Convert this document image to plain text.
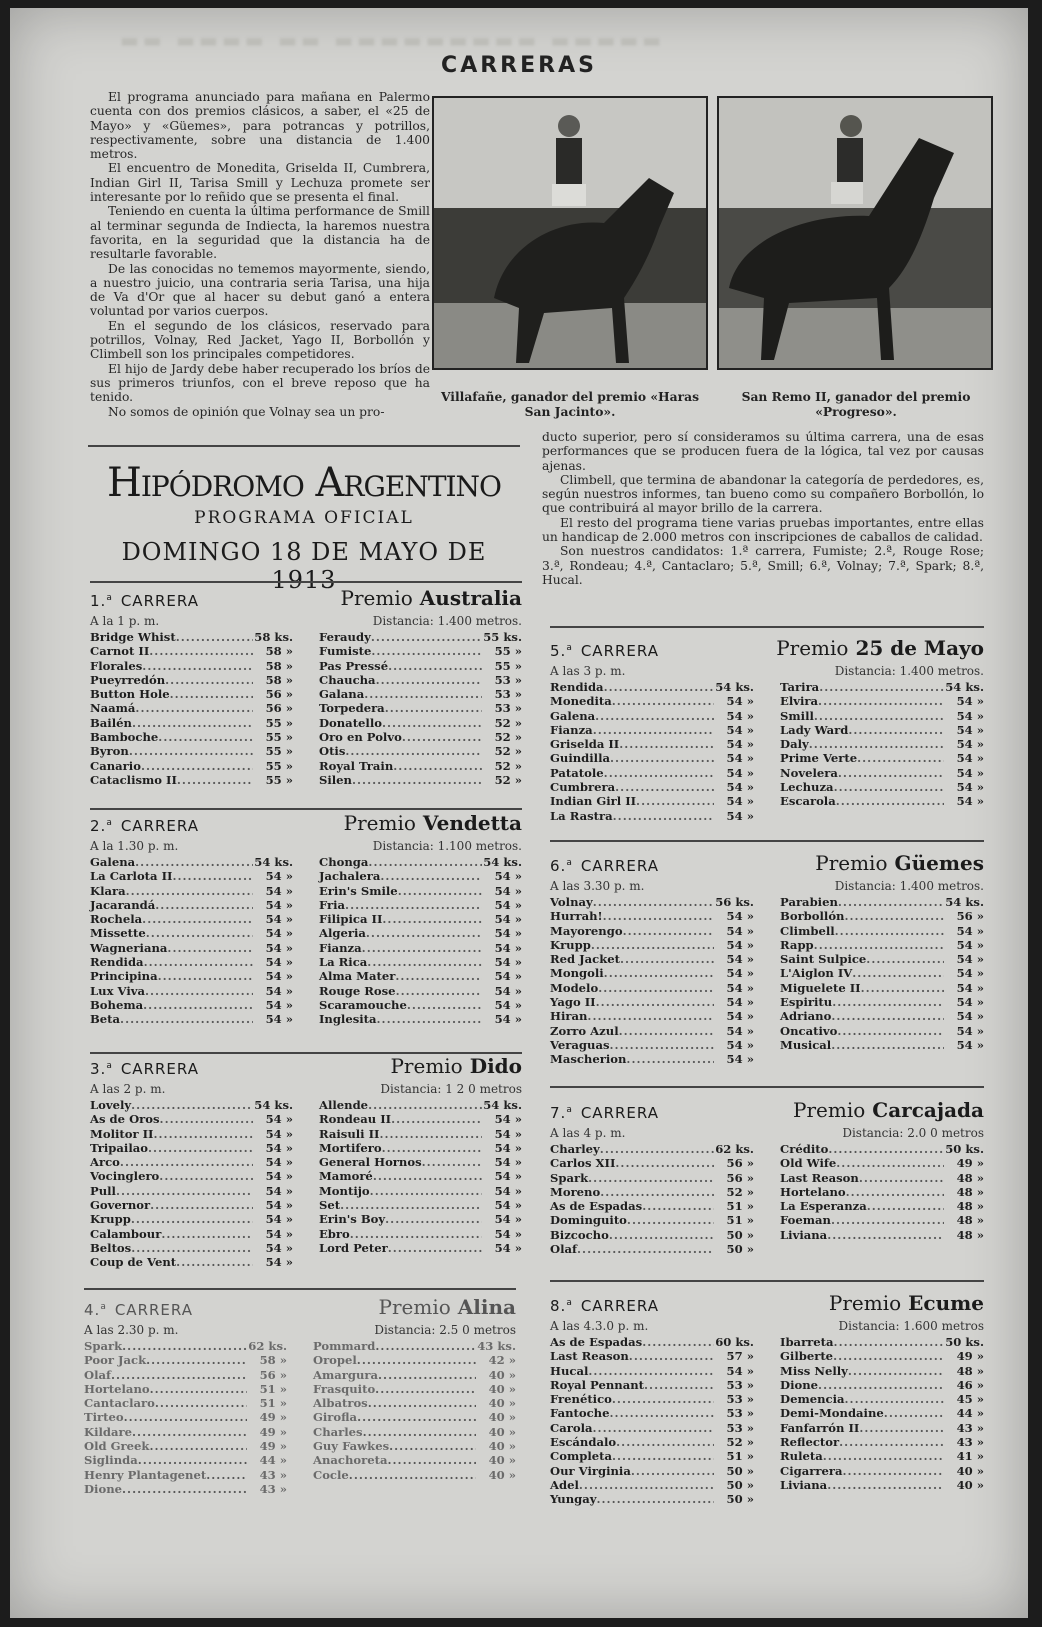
▬▬ ▬▬▬▬ ▬▬ ▬▬▬▬▬▬▬▬▬ ▬▬▬▬▬
CARRERAS

El programa anunciado para mañana en Palermo cuenta con dos premios clásicos, a saber, el «25 de Mayo» y «Güemes», para potrancas y potrillos, respectivamente, sobre una distancia de 1.400 metros.

El encuentro de Monedita, Griselda II, Cumbrera, Indian Girl II, Tarisa Smill y Lechuza promete ser interesante por lo reñido que se presenta el final.

Teniendo en cuenta la última performance de Smill al terminar segunda de Indiecta, la haremos nuestra favorita, en la seguridad que la distancia ha de resultarle favorable.

De las conocidas no tememos mayormente, siendo, a nuestro juicio, una contraria seria Tarisa, una hija de Va d'Or que al hacer su debut ganó a entera voluntad por varios cuerpos.

En el segundo de los clásicos, reservado para potrillos, Volnay, Red Jacket, Yago II, Borbollón y Climbell son los principales competidores.

El hijo de Jardy debe haber recuperado los bríos de sus primeros triunfos, con el breve reposo que ha tenido.

No somos de opinión que Volnay sea un pro-

Villafañe, ganador del premio «Haras San Jacinto».
San Remo II, ganador del premio «Progreso».
Hipódromo Argentino
PROGRAMA OFICIAL
DOMINGO 18 DE MAYO DE 1913

ducto superior, pero sí consideramos su última carrera, una de esas performances que se producen fuera de la lógica, tal vez por causas ajenas.

Climbell, que termina de abandonar la categoría de perdedores, es, según nuestros informes, tan bueno como su compañero Borbollón, lo que contribuirá al mayor brillo de la carrera.

El resto del programa tiene varias pruebas importantes, entre ellas un handicap de 2.000 metros con inscripciones de caballos de calidad.

Son nuestros candidatos: 1.ª carrera, Fumiste; 2.ª, Rouge Rose; 3.ª, Rondeau; 4.ª, Cantaclaro; 5.ª, Smill; 6.ª, Volnay; 7.ª, Spark; 8.ª, Hucal.

1.$^a$ CARRERA	Premio Australia
A la 1 p. m.	Distancia: 1.400 metros.
Bridge Whist .....	58 ks.
Carnot II .....	58 »
Florales .....	58 »
Pueyrredón .....	58 »
Button Hole .....	56 »
Naamá .....	56 »
Bailén .....	55 »
Bamboche .....	55 »
Byron .....	55 »
Canario .....	55 »
Cataclismo II .....	55 »
Feraudy .....	55 ks.
Fumiste .....	55 »
Pas Pressé .....	55 »
Chaucha .....	53 »
Galana .....	53 »
Torpedera .....	53 »
Donatello .....	52 »
Oro en Polvo .....	52 »
Otis .....	52 »
Royal Train .....	52 »
Silen .....	52 »
2.$^a$ CARRERA	Premio Vendetta
A la 1.30 p. m.	Distancia: 1.100 metros.
Galena .....	54 ks.
La Carlota II .....	54 »
Klara .....	54 »
Jacarandá .....	54 »
Rochela .....	54 »
Missette .....	54 »
Wagneriana .....	54 »
Rendida .....	54 »
Principina .....	54 »
Lux Viva .....	54 »
Bohema .....	54 »
Beta .....	54 »
Chonga .....	54 ks.
Jachalera .....	54 »
Erin's Smile .....	54 »
Fria .....	54 »
Filipica II .....	54 »
Algeria .....	54 »
Fianza .....	54 »
La Rica .....	54 »
Alma Mater .....	54 »
Rouge Rose .....	54 »
Scaramouche .....	54 »
Inglesita .....	54 »
3.$^a$ CARRERA	Premio Dido
A las 2 p. m.	Distancia: 1 2 0 metros
Lovely .....	54 ks.
As de Oros .....	54 »
Molitor II .....	54 »
Tripailao .....	54 »
Arco .....	54 »
Vocinglero .....	54 »
Pull .....	54 »
Governor .....	54 »
Krupp .....	54 »
Calambour .....	54 »
Beltos .....	54 »
Coup de Vent .....	54 »
Allende .....	54 ks.
Rondeau II .....	54 »
Raisuli II .....	54 »
Mortifero .....	54 »
General Hornos .....	54 »
Mamoré .....	54 »
Montijo .....	54 »
Set .....	54 »
Erin's Boy .....	54 »
Ebro .....	54 »
Lord Peter .....	54 »
4.$^a$ CARRERA	Premio Alina
A las 2.30 p. m.	Distancia: 2.5 0 metros
Spark .....	62 ks.
Poor Jack .....	58 »
Olaf .....	56 »
Hortelano .....	51 »
Cantaclaro .....	51 »
Tirteo .....	49 »
Kildare .....	49 »
Old Greek .....	49 »
Siglinda .....	44 »
Henry Plantagenet .....	43 »
Dione .....	43 »
Pommard .....	43 ks.
Oropel .....	42 »
Amargura .....	40 »
Frasquito .....	40 »
Albatros .....	40 »
Girofla .....	40 »
Charles .....	40 »
Guy Fawkes .....	40 »
Anachoreta .....	40 »
Cocle .....	40 »
5.$^a$ CARRERA	Premio 25 de Mayo
A las 3 p. m.	Distancia: 1.400 metros.
Rendida .....	54 ks.
Monedita .....	54 »
Galena .....	54 »
Fianza .....	54 »
Griselda II .....	54 »
Guindilla .....	54 »
Patatole .....	54 »
Cumbrera .....	54 »
Indian Girl II .....	54 »
La Rastra .....	54 »
Tarira .....	54 ks.
Elvira .....	54 »
Smill .....	54 »
Lady Ward .....	54 »
Daly .....	54 »
Prime Verte .....	54 »
Novelera .....	54 »
Lechuza .....	54 »
Escarola .....	54 »
6.$^a$ CARRERA	Premio Güemes
A las 3.30 p. m.	Distancia: 1.400 metros.
Volnay .....	56 ks.
Hurrah! .....	54 »
Mayorengo .....	54 »
Krupp .....	54 »
Red Jacket .....	54 »
Mongoli .....	54 »
Modelo .....	54 »
Yago II .....	54 »
Hiran .....	54 »
Zorro Azul .....	54 »
Veraguas .....	54 »
Mascherion .....	54 »
Parabien .....	54 ks.
Borbollón .....	56 »
Climbell .....	54 »
Rapp .....	54 »
Saint Sulpice .....	54 »
L'Aiglon IV .....	54 »
Miguelete II .....	54 »
Espiritu .....	54 »
Adriano .....	54 »
Oncativo .....	54 »
Musical .....	54 »
7.$^a$ CARRERA	Premio Carcajada
A las 4 p. m.	Distancia: 2.0 0 metros
Charley .....	62 ks.
Carlos XII .....	56 »
Spark .....	56 »
Moreno .....	52 »
As de Espadas .....	51 »
Dominguito .....	51 »
Bizcocho .....	50 »
Olaf .....	50 »
Crédito .....	50 ks.
Old Wife .....	49 »
Last Reason .....	48 »
Hortelano .....	48 »
La Esperanza .....	48 »
Foeman .....	48 »
Liviana .....	48 »
8.$^a$ CARRERA	Premio Ecume
A las 4.3.0 p. m.	Distancia: 1.600 metros
As de Espadas .....	60 ks.
Last Reason .....	57 »
Hucal .....	54 »
Royal Pennant .....	53 »
Frenético .....	53 »
Fantoche .....	53 »
Carola .....	53 »
Escándalo .....	52 »
Completa .....	51 »
Our Virginia .....	50 »
Adel .....	50 »
Yungay .....	50 »
Ibarreta .....	50 ks.
Gilberte .....	49 »
Miss Nelly .....	48 »
Dione .....	46 »
Demencia .....	45 »
Demi-Mondaine .....	44 »
Fanfarrón II .....	43 »
Reflector .....	43 »
Ruleta .....	41 »
Cigarrera .....	40 »
Liviana .....	40 »
